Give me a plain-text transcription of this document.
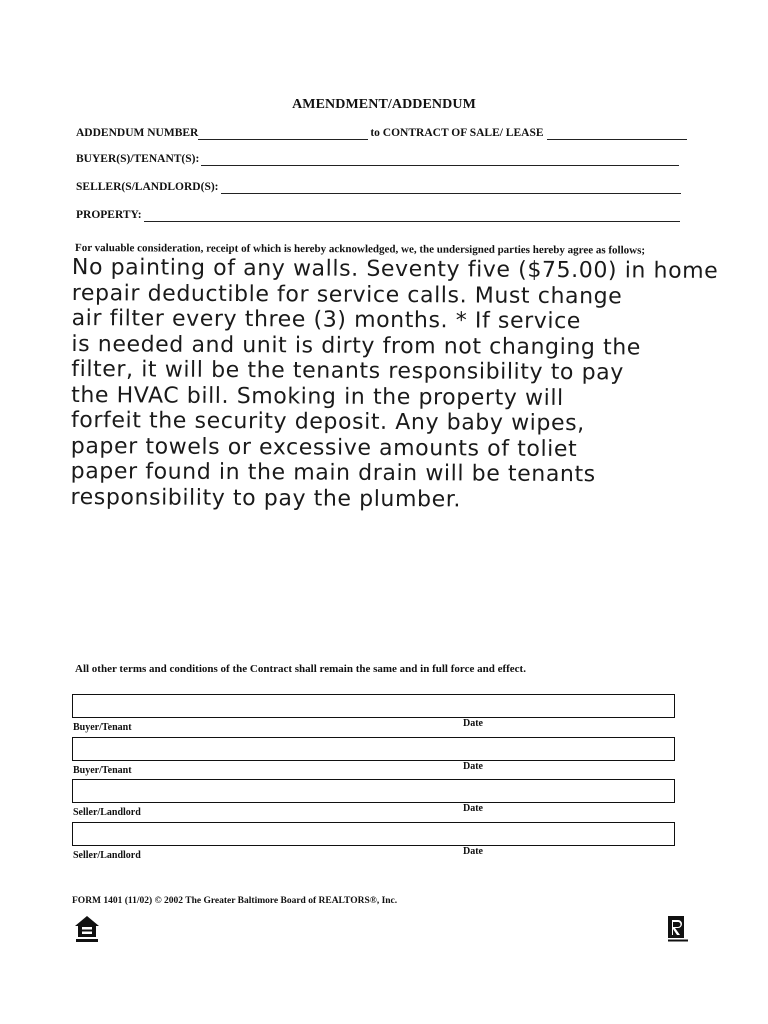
AMENDMENT/ADDENDUM
ADDENDUM NUMBER	to CONTRACT OF SALE/ LEASE
BUYER(S)/TENANT(S):
SELLER(S/LANDLORD(S):
PROPERTY:
For valuable consideration, receipt of which is hereby acknowledged, we, the undersigned parties hereby agree as follows;
No painting of any walls. Seventy five ($75.00) in home
repair deductible for service calls. Must change
air filter every three (3) months. * If service
is needed and unit is dirty from not changing the
filter, it will be the tenants responsibility to pay
the HVAC bill. Smoking in the property will
forfeit the security deposit. Any baby wipes,
paper towels or excessive amounts of toliet
paper found in the main drain will be tenants
responsibility to pay the plumber.
All other terms and conditions of the Contract shall remain the same and in full force and effect.
Buyer/Tenant	Date
Buyer/Tenant	Date
Seller/Landlord	Date
Seller/Landlord	Date
FORM 1401 (11/02) © 2002 The Greater Baltimore Board of REALTORS®, Inc.
